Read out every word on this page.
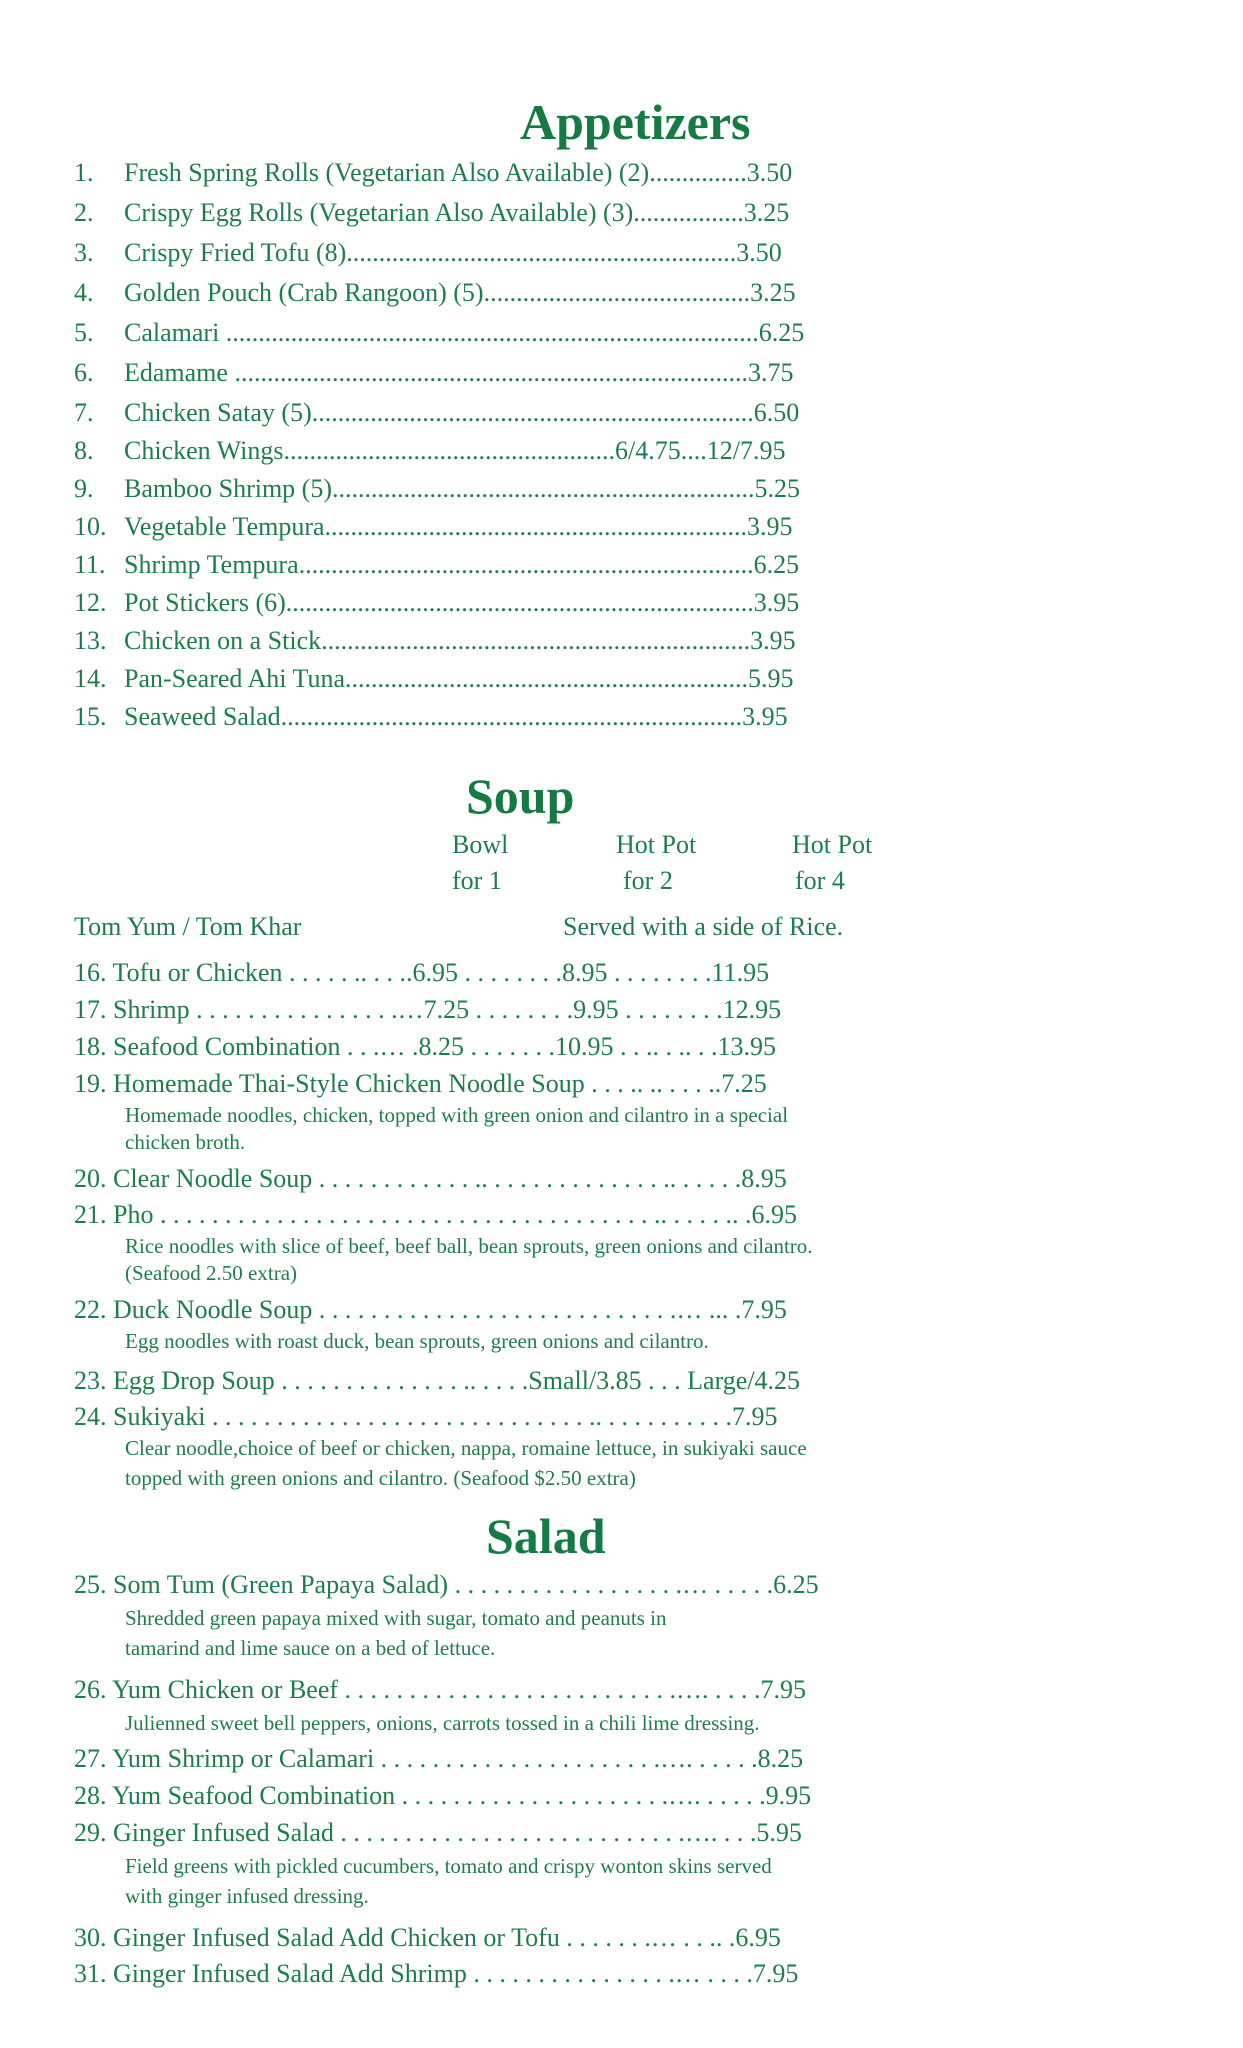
Appetizers
Soup
Bowl
for 1
Hot Pot
for 2
Hot Pot
for 4
Tom Yum / Tom Khar	Served with a side of Rice.
Salad
1. Fresh Spring Rolls (Vegetarian Also Available) (2)...............3.50
2. Crispy Egg Rolls (Vegetarian Also Available) (3).................3.25
3. Crispy Fried Tofu (8)............................................................3.50
4. Golden Pouch (Crab Rangoon) (5).........................................3.25
5. Calamari ..................................................................................6.25
6. Edamame ...............................................................................3.75
7. Chicken Satay (5)....................................................................6.50
8. Chicken Wings...................................................6/4.75....12/7.95
9. Bamboo Shrimp (5).................................................................5.25
10. Vegetable Tempura.................................................................3.95
11. Shrimp Tempura......................................................................6.25
12. Pot Stickers (6)........................................................................3.95
13. Chicken on a Stick..................................................................3.95
14. Pan-Seared Ahi Tuna..............................................................5.95
15. Seaweed Salad.......................................................................3.95
16. Tofu or Chicken . . . . . .. . . ..6.95 . . . . . . . .8.95 . . . . . . . .11.95
17. Shrimp . . . . . . . . . . . . . . . .…7.25 . . . . . . . .9.95 . . . . . . . .12.95
18. Seafood Combination . . .… .8.25 . . . . . . .10.95 . . .. . .. . .13.95
19. Homemade Thai-Style Chicken Noodle Soup . . . .. .. . . . ..7.25
Homemade noodles, chicken, topped with green onion and cilantro in a special
chicken broth.
20. Clear Noodle Soup . . . . . . . . . . . . .. . . . . . . . . . . . . . .. . . . . .8.95
21. Pho . . . . . . . . . . . . . . . . . . . . . . . . . . . . . . . . . . . . . . .. . . . . .. .6.95
Rice noodles with slice of beef, beef ball, bean sprouts, green onions and cilantro.
(Seafood 2.50 extra)
22. Duck Noodle Soup . . . . . . . . . . . . . . . . . . . . . . . . . . . .… ... .7.95
Egg noodles with roast duck, bean sprouts, green onions and cilantro.
23. Egg Drop Soup . . . . . . . . . . . . . . .. . . . .Small/3.85 . . . Large/4.25
24. Sukiyaki . . . . . . . . . . . . . . . . . . . . . . . . . . . . . .. . . . . . . . . . .7.95
Clear noodle,choice of beef or chicken, nappa, romaine lettuce, in sukiyaki sauce
topped with green onions and cilantro. (Seafood $2.50 extra)
25. Som Tum (Green Papaya Salad) . . . . . . . . . . . . . . . . . .… . . . . .6.25
Shredded green papaya mixed with sugar, tomato and peanuts in
tamarind and lime sauce on a bed of lettuce.
26. Yum Chicken or Beef . . . . . . . . . . . . . . . . . . . . . . . . . .…. . . . .7.95
Julienned sweet bell peppers, onions, carrots tossed in a chili lime dressing.
27. Yum Shrimp or Calamari . . . . . . . . . . . . . . . . . . . . . .…. . . . . .8.25
28. Yum Seafood Combination . . . . . . . . . . . . . . . . . . . . .…. . . . . .9.95
29. Ginger Infused Salad . . . . . . . . . . . . . . . . . . . . . . . . . . .…. . . .5.95
Field greens with pickled cucumbers, tomato and crispy wonton skins served
with ginger infused dressing.
30. Ginger Infused Salad Add Chicken or Tofu . . . . . . .… . . .. .6.95
31. Ginger Infused Salad Add Shrimp . . . . . . . . . . . . . . . .… . . . .7.95
